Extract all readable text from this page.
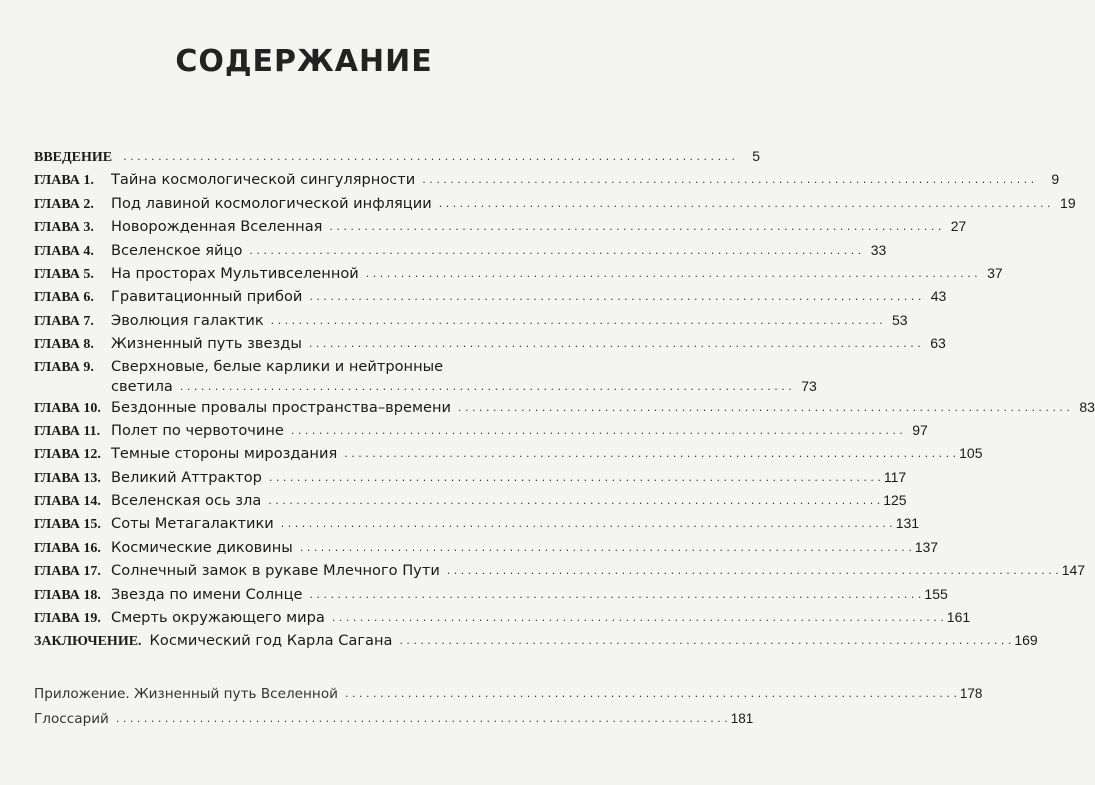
СОДЕРЖАНИЕ
ВВЕДЕНИЕ . . .	5
ГЛАВА 1.	Тайна космологической сингулярности . . .	9
ГЛАВА 2.	Под лавиной космологической инфляции . . .	19
ГЛАВА 3.	Новорожденная Вселенная . . .	27
ГЛАВА 4.	Вселенское яйцо . . .	33
ГЛАВА 5.	На просторах Мультивселенной . . .	37
ГЛАВА 6.	Гравитационный прибой . . .	43
ГЛАВА 7.	Эволюция галактик . . .	53
ГЛАВА 8.	Жизненный путь звезды . . .	63
ГЛАВА 9.	Сверхновые, белые карлики и нейтронные
светила . . .	73
ГЛАВА 10. Бездонные провалы пространства–времени . . .	83
ГЛАВА 11. Полет по червоточине . . .	97
ГЛАВА 12. Темные стороны мироздания . . .	105
ГЛАВА 13. Великий Аттрактор . . .	117
ГЛАВА 14. Вселенская ось зла . . .	125
ГЛАВА 15. Соты Метагалактики . . .	131
ГЛАВА 16. Космические диковины . . .	137
ГЛАВА 17. Солнечный замок в рукаве Млечного Пути . . .	147
ГЛАВА 18. Звезда по имени Солнце . . .	155
ГЛАВА 19. Смерть окружающего мира . . .	161
ЗАКЛЮЧЕНИЕ. Космический год Карла Сагана . . .	169
Приложение. Жизненный путь Вселенной . . .	178
Глоссарий . . .	181
